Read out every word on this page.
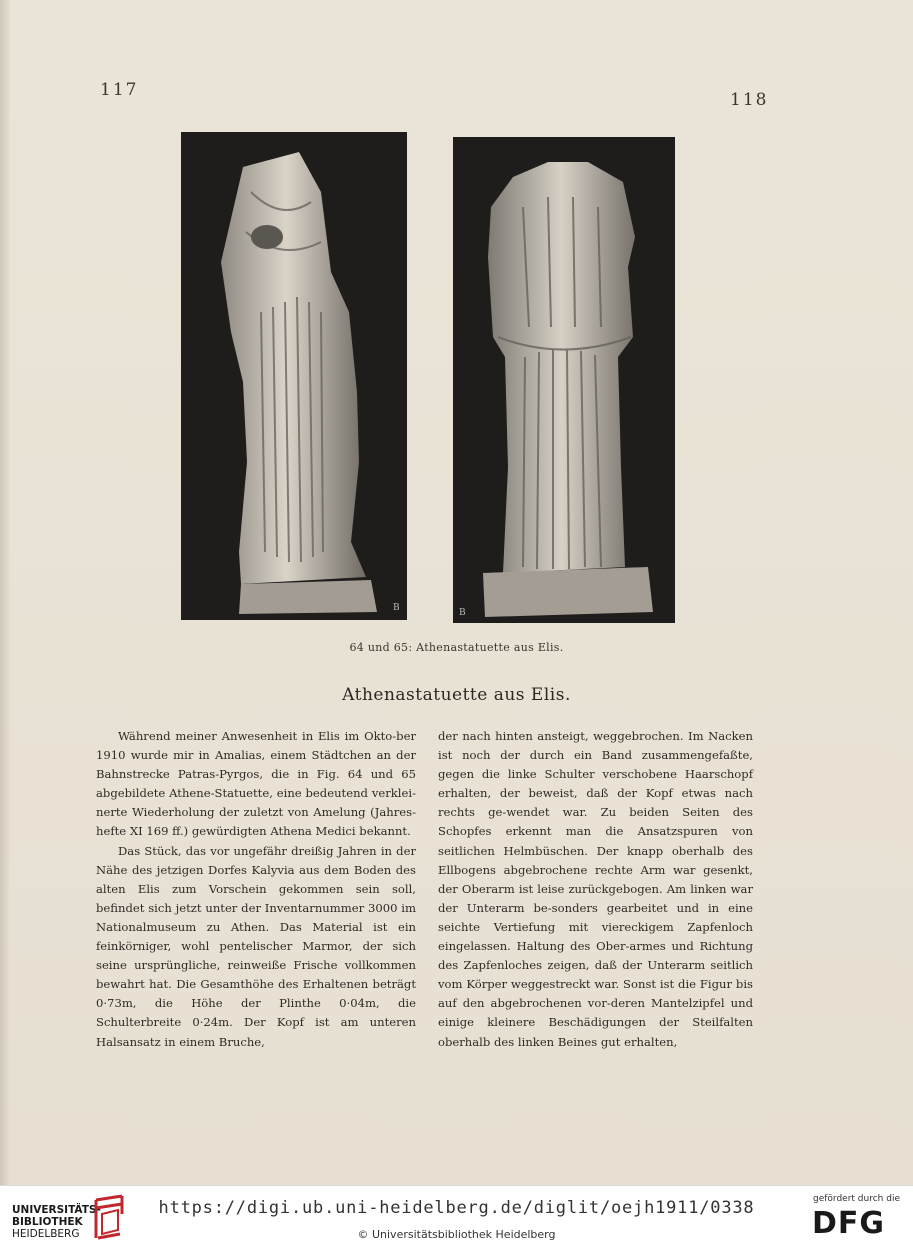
117	118
B	B
64 und 65: Athenastatuette aus Elis.
Athenastatuette aus Elis.

Während meiner Anwesenheit in Elis im Okto-ber 1910 wurde mir in Amalias, einem Städtchen an der Bahnstrecke Patras-Pyrgos, die in Fig. 64 und 65 abgebildete Athene-Statuette, eine bedeutend verklei-nerte Wiederholung der zuletzt von Amelung (Jahres-hefte XI 169 ff.) gewürdigten Athena Medici bekannt.

Das Stück, das vor ungefähr dreißig Jahren in der Nähe des jetzigen Dorfes Kalyvia aus dem Boden des alten Elis zum Vorschein gekommen sein soll, befindet sich jetzt unter der Inventarnummer 3000 im Nationalmuseum zu Athen. Das Material ist ein feinkörniger, wohl pentelischer Marmor, der sich seine ursprüngliche, reinweiße Frische vollkommen bewahrt hat. Die Gesamthöhe des Erhaltenen beträgt 0·73m, die Höhe der Plinthe 0·04m, die Schulterbreite 0·24m. Der Kopf ist am unteren Halsansatz in einem Bruche,

der nach hinten ansteigt, weggebrochen. Im Nacken ist noch der durch ein Band zusammengefaßte, gegen die linke Schulter verschobene Haarschopf erhalten, der beweist, daß der Kopf etwas nach rechts ge-wendet war. Zu beiden Seiten des Schopfes erkennt man die Ansatzspuren von seitlichen Helmbüschen. Der knapp oberhalb des Ellbogens abgebrochene rechte Arm war gesenkt, der Oberarm ist leise zurückgebogen. Am linken war der Unterarm be-sonders gearbeitet und in eine seichte Vertiefung mit viereckigem Zapfenloch eingelassen. Haltung des Ober-armes und Richtung des Zapfenloches zeigen, daß der Unterarm seitlich vom Körper weggestreckt war. Sonst ist die Figur bis auf den abgebrochenen vor-deren Mantelzipfel und einige kleinere Beschädigungen der Steilfalten oberhalb des linken Beines gut erhalten,

UNIVERSITÄTS-
BIBLIOTHEK
HEIDELBERG
https://digi.ub.uni-heidelberg.de/diglit/oejh1911/0338
© Universitätsbibliothek Heidelberg
gefördert durch die
DFG
